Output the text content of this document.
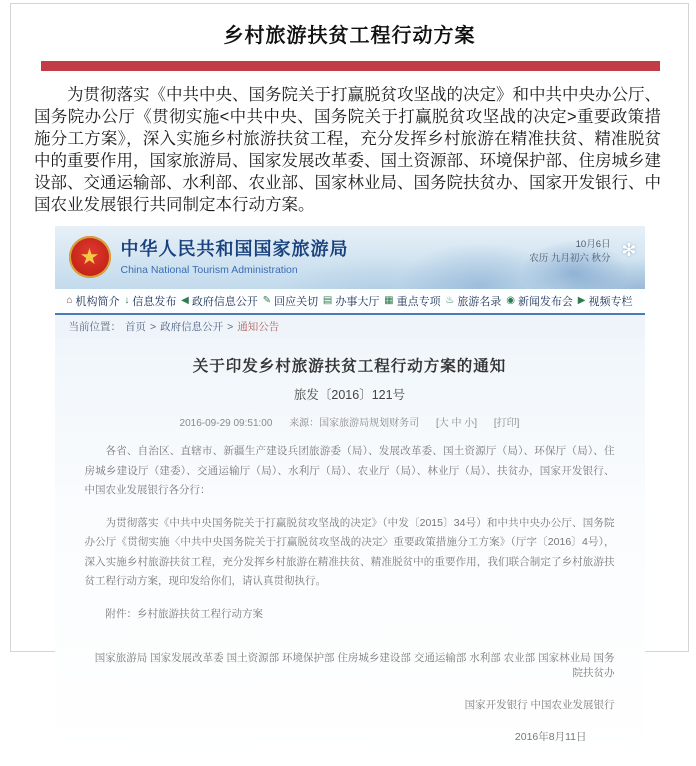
乡村旅游扶贫工程行动方案

为贯彻落实《中共中央、国务院关于打赢脱贫攻坚战的决定》和中共中央办公厅、国务院办公厅《贯彻实施<中共中央、国务院关于打赢脱贫攻坚战的决定>重要政策措施分工方案》，深入实施乡村旅游扶贫工程，充分发挥乡村旅游在精准扶贫、精准脱贫中的重要作用，国家旅游局、国家发展改革委、国土资源部、环境保护部、住房城乡建设部、交通运输部、水利部、农业部、国家林业局、国务院扶贫办、国家开发银行、中国农业发展银行共同制定本行动方案。

★ 中华人民共和国国家旅游局
China National Tourism Administration
10月6日
农历 九月初六 秋分 ✻
⌂ 机构简介 ↓ 信息发布 ◀ 政府信息公开 ✎ 回应关切 ▤ 办事大厅 ▦ 重点专项 ♨ 旅游名录 ◉ 新闻发布会 ▶ 视频专栏
当前位置： 首页 > 政府信息公开 > 通知公告
关于印发乡村旅游扶贫工程行动方案的通知
旅发〔2016〕121号
2016-09-29 09:51:00 来源：国家旅游局规划财务司 [大 中 小] [打印]

各省、自治区、直辖市、新疆生产建设兵团旅游委（局）、发展改革委、国土资源厅（局）、环保厅（局）、住房城乡建设厅（建委）、交通运输厅（局）、水利厅（局）、农业厅（局）、林业厅（局）、扶贫办，国家开发银行、中国农业发展银行各分行：

为贯彻落实《中共中央国务院关于打赢脱贫攻坚战的决定》（中发〔2015〕34号）和中共中央办公厅、国务院办公厅《贯彻实施〈中共中央国务院关于打赢脱贫攻坚战的决定〉重要政策措施分工方案》（厅字〔2016〕4号），深入实施乡村旅游扶贫工程，充分发挥乡村旅游在精准扶贫、精准脱贫中的重要作用，我们联合制定了乡村旅游扶贫工程行动方案，现印发给你们，请认真贯彻执行。

附件：乡村旅游扶贫工程行动方案

国家旅游局 国家发展改革委 国土资源部 环境保护部 住房城乡建设部 交通运输部 水利部 农业部 国家林业局 国务院扶贫办
国家开发银行 中国农业发展银行
2016年8月11日
